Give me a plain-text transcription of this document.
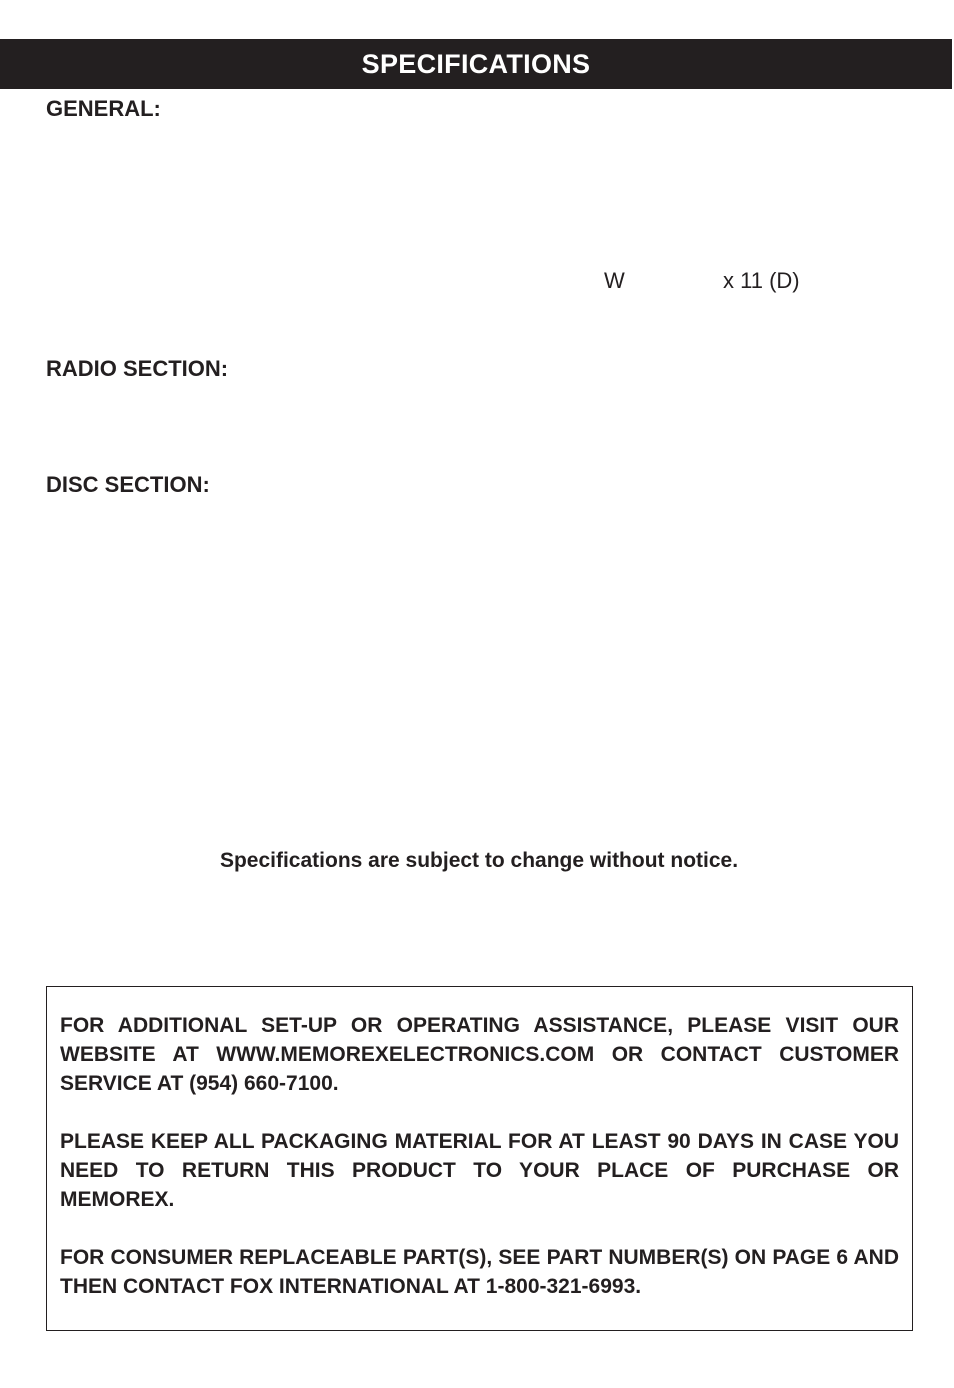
SPECIFICATIONS
GENERAL:
W	x 11 (D)
RADIO SECTION:
DISC SECTION:
Specifications are subject to change without notice.

FOR ADDITIONAL SET-UP OR OPERATING ASSISTANCE, PLEASE VISIT OUR WEBSITE AT WWW.MEMOREXELECTRONICS.COM OR CONTACT CUSTOMER SERVICE AT (954) 660-7100.

PLEASE KEEP ALL PACKAGING MATERIAL FOR AT LEAST 90 DAYS IN CASE YOU NEED TO RETURN THIS PRODUCT TO YOUR PLACE OF PURCHASE OR MEMOREX.

FOR CONSUMER REPLACEABLE PART(S), SEE PART NUMBER(S) ON PAGE 6 AND THEN CONTACT FOX INTERNATIONAL AT 1-800-321-6993.
